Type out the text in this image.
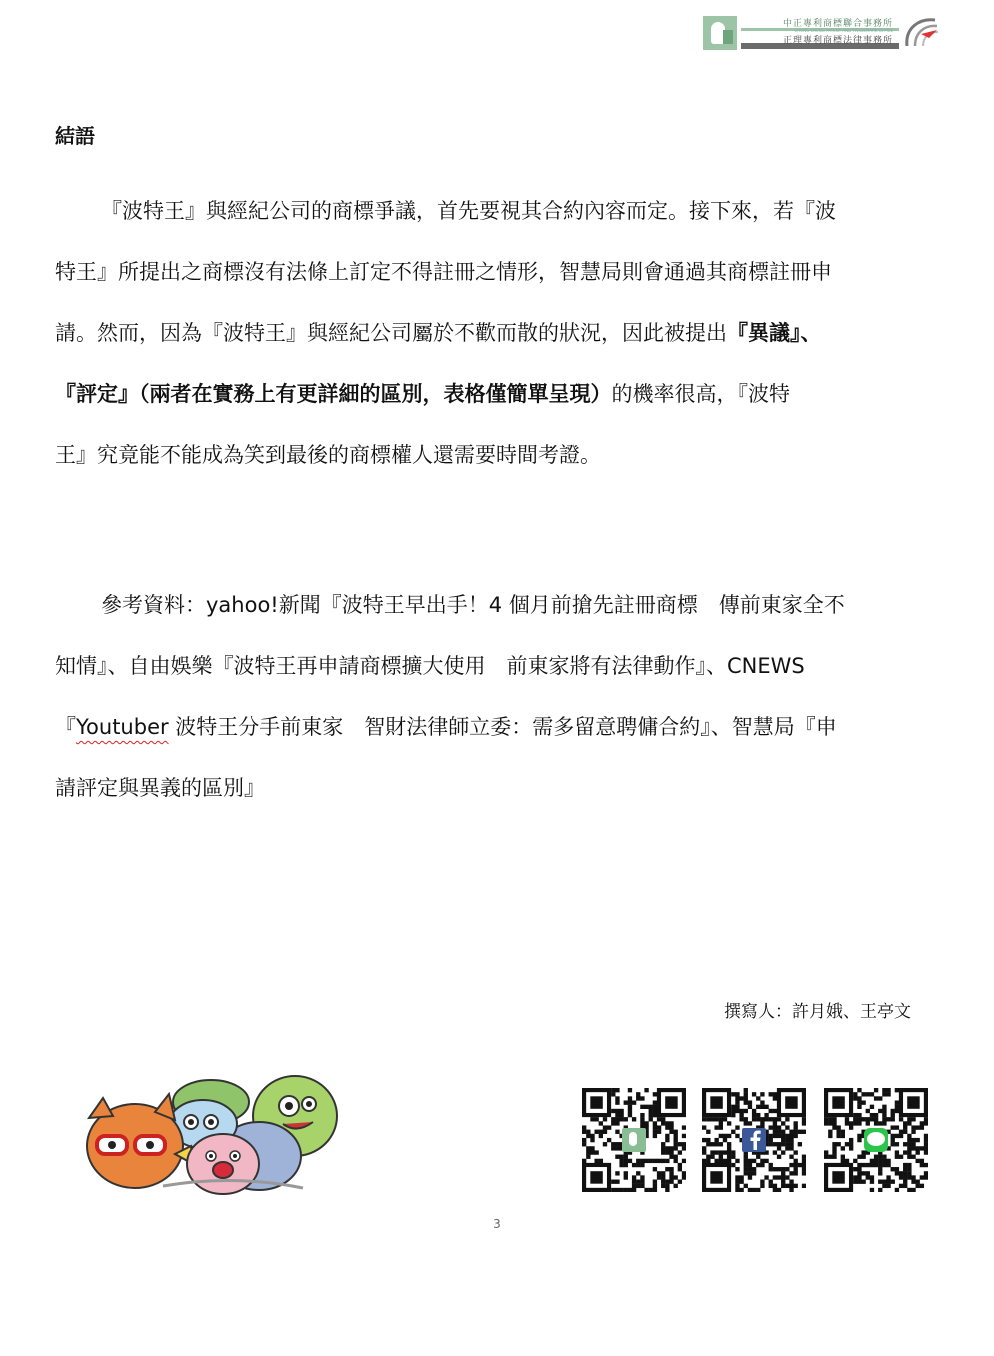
中正專利商標聯合事務所
CHUNG CHENG PATENT AND TRADEMARK OFFICE
正理專利商標法律事務所
結語

『波特王』與經紀公司的商標爭議，首先要視其合約內容而定。接下來，若『波
特王』所提出之商標沒有法條上訂定不得註冊之情形，智慧局則會通過其商標註冊申
請。然而，因為『波特王』與經紀公司屬於不歡而散的狀況，因此被提出『異議』、
『評定』（兩者在實務上有更詳細的區別，表格僅簡單呈現）的機率很高，『波特
王』究竟能不能成為笑到最後的商標權人還需要時間考證。

參考資料：yahoo!新聞『波特王早出手！4 個月前搶先註冊商標　傳前東家全不
知情』、自由娛樂『波特王再申請商標擴大使用　前東家將有法律動作』、CNEWS
『Youtuber 波特王分手前東家　智財法律師立委：需多留意聘傭合約』、智慧局『申
請評定與異義的區別』

撰寫人：許月娥、王亭文

3
